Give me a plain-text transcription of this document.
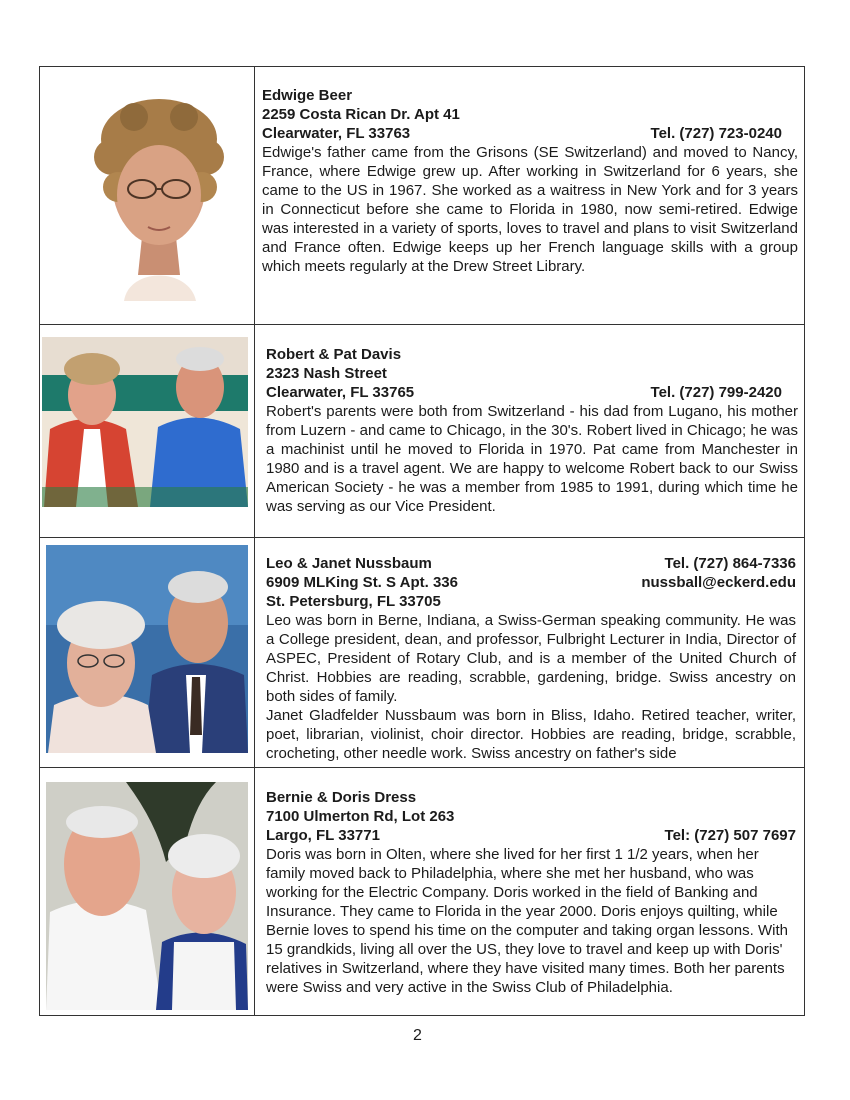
Edwige Beer
2259 Costa Rican Dr. Apt 41
Clearwater, FL 33763	Tel. (727) 723-0240
Edwige's father came from the Grisons (SE Switzerland) and moved to Nancy, France, where Edwige grew up. After working in Switzerland for 6 years, she came to the US in 1967. She worked as a waitress in New York and for 3 years in Connecticut before she came to Florida in 1980, now semi-retired. Edwige was interested in a variety of sports, loves to travel and plans to visit Switzerland and France often. Edwige keeps up her French language skills with a group which meets regularly at the Drew Street Library.
Robert & Pat Davis
2323 Nash Street
Clearwater, FL 33765	Tel. (727) 799-2420
Robert's parents were both from Switzerland - his dad from Lugano, his mother from Luzern - and came to Chicago, in the 30's. Robert lived in Chicago; he was a machinist until he moved to Florida in 1970. Pat came from Manchester in 1980 and is a travel agent. We are happy to welcome Robert back to our Swiss American Society - he was a member from 1985 to 1991, during which time he was serving as our Vice President.
Leo & Janet Nussbaum	Tel. (727) 864-7336
6909 MLKing St. S Apt. 336	nussball@eckerd.edu
St. Petersburg, FL 33705

Leo was born in Berne, Indiana, a Swiss-German speaking community. He was a College president, dean, and professor, Fulbright Lecturer in India, Director of ASPEC, President of Rotary Club, and is a member of the United Church of Christ. Hobbies are reading, scrabble, gardening, bridge. Swiss ancestry on both sides of family.

Janet Gladfelder Nussbaum was born in Bliss, Idaho. Retired teacher, writer, poet, librarian, violinist, choir director. Hobbies are reading, bridge, scrabble, crocheting, other needle work. Swiss ancestry on father's side

Bernie & Doris Dress
7100 Ulmerton Rd, Lot 263
Largo, FL 33771	Tel: (727) 507 7697
Doris was born in Olten, where she lived for her first 1 1/2 years, when her family moved back to Philadelphia, where she met her husband, who was working for the Electric Company. Doris worked in the field of Banking and Insurance. They came to Florida in the year 2000. Doris enjoys quilting, while Bernie loves to spend his time on the computer and taking organ lessons. With 15 grandkids, living all over the US, they love to travel and keep up with Doris' relatives in Switzerland, where they have visited many times. Both her parents were Swiss and very active in the Swiss Club of Philadelphia.
2
